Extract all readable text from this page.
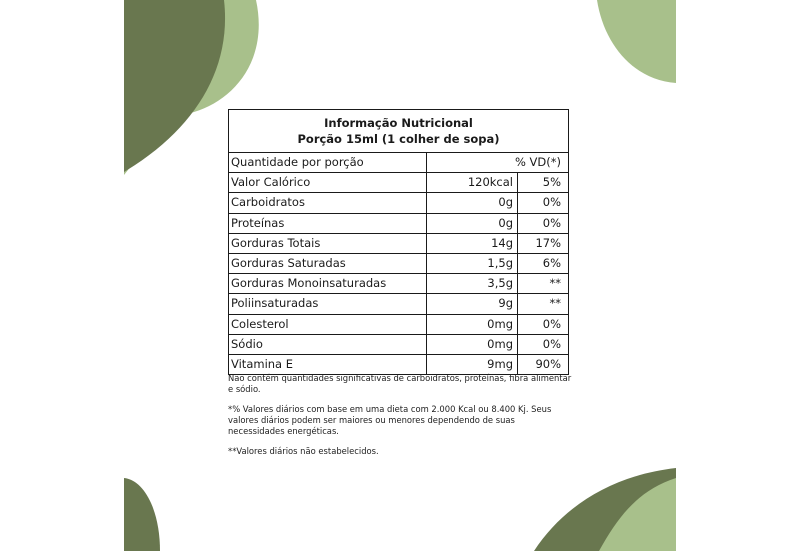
Informação Nutricional
Porção 15ml (1 colher de sopa)
Quantidade por porção	% VD(*)
Valor Calórico	120kcal	5%
Carboidratos	0g	0%
Proteínas	0g	0%
Gorduras Totais	14g	17%
Gorduras Saturadas	1,5g	6%
Gorduras Monoinsaturadas	3,5g	**
Poliinsaturadas	9g	**
Colesterol	0mg	0%
Sódio	0mg	0%
Vitamina E	9mg	90%

Não contém quantidades significativas de carboidratos, proteínas, fibra alimentar e sódio.

*% Valores diários com base em uma dieta com 2.000 Kcal ou 8.400 Kj. Seus valores diários podem ser maiores ou menores dependendo de suas necessidades energéticas.

**Valores diários não estabelecidos.
